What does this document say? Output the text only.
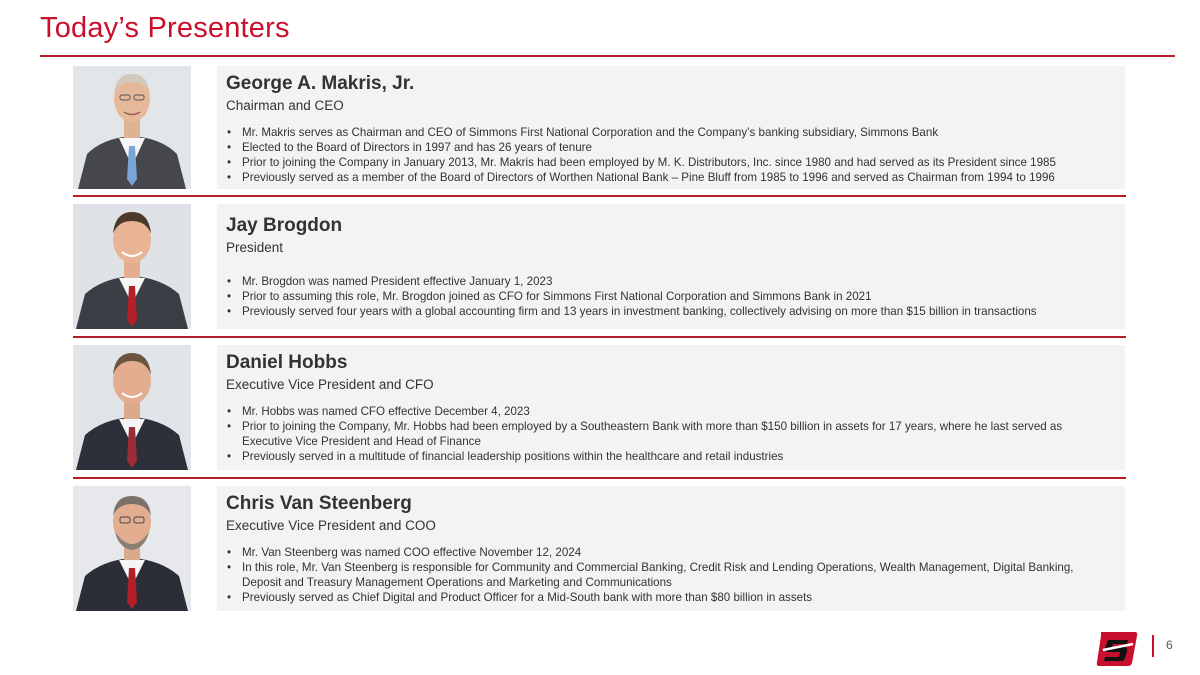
Today’s Presenters
George A. Makris, Jr.
Chairman and CEO
• Mr. Makris serves as Chairman and CEO of Simmons First National Corporation and the Company’s banking subsidiary, Simmons Bank
• Elected to the Board of Directors in 1997 and has 26 years of tenure
• Prior to joining the Company in January 2013, Mr. Makris had been employed by M. K. Distributors, Inc. since 1980 and had served as its President since 1985
• Previously served as a member of the Board of Directors of Worthen National Bank – Pine Bluff from 1985 to 1996 and served as Chairman from 1994 to 1996
Jay Brogdon
President
• Mr. Brogdon was named President effective January 1, 2023
• Prior to assuming this role, Mr. Brogdon joined as CFO for Simmons First National Corporation and Simmons Bank in 2021
• Previously served four years with a global accounting firm and 13 years in investment banking, collectively advising on more than $15 billion in transactions
Daniel Hobbs
Executive Vice President and CFO
• Mr. Hobbs was named CFO effective December 4, 2023
• Prior to joining the Company, Mr. Hobbs had been employed by a Southeastern Bank with more than $150 billion in assets for 17 years, where he last served as Executive Vice President and Head of Finance
• Previously served in a multitude of financial leadership positions within the healthcare and retail industries
Chris Van Steenberg
Executive Vice President and COO
• Mr. Van Steenberg was named COO effective November 12, 2024
• In this role, Mr. Van Steenberg is responsible for Community and Commercial Banking, Credit Risk and Lending Operations, Wealth Management, Digital Banking, Deposit and Treasury Management Operations and Marketing and Communications
• Previously served as Chief Digital and Product Officer for a Mid-South bank with more than $80 billion in assets
6
